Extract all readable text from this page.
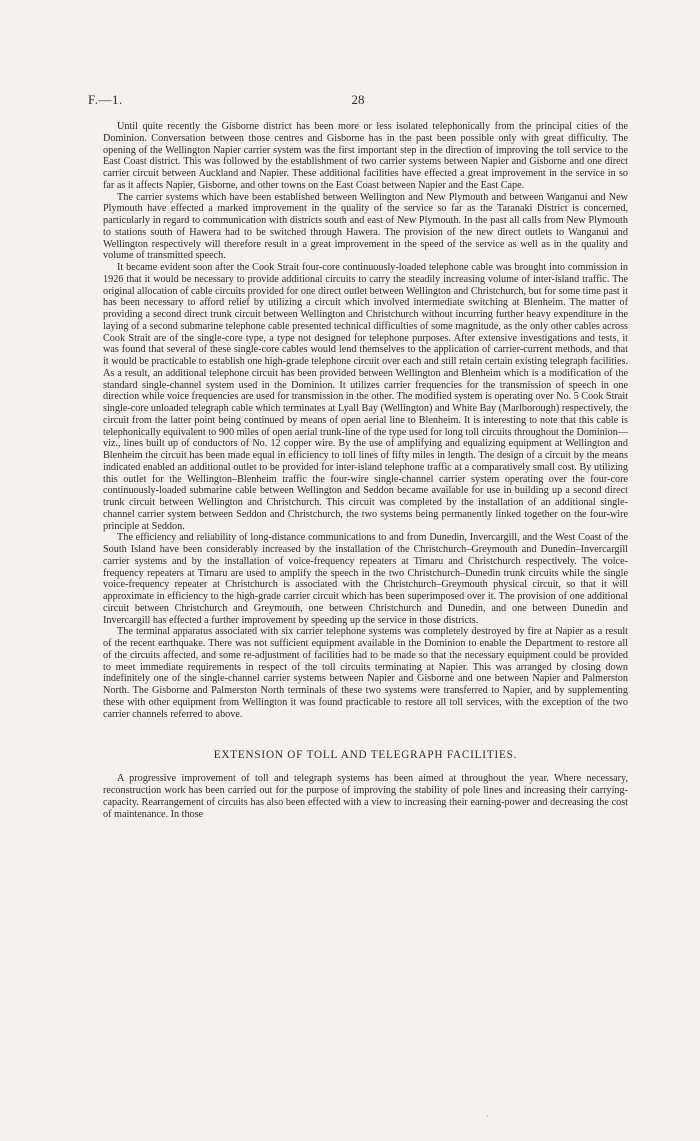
F.—1.	28

Until quite recently the Gisborne district has been more or less isolated telephonically from the principal cities of the Dominion. Conversation between those centres and Gisborne has in the past been possible only with great difficulty. The opening of the Wellington Napier carrier system was the first important step in the direction of improving the toll service to the East Coast district. This was followed by the establishment of two carrier systems between Napier and Gisborne and one direct carrier circuit between Auckland and Napier. These additional facilities have effected a great improvement in the service in so far as it affects Napier, Gisborne, and other towns on the East Coast between Napier and the East Cape.

The carrier systems which have been established between Wellington and New Plymouth and between Wanganui and New Plymouth have effected a marked improvement in the quality of the service so far as the Taranaki District is concerned, particularly in regard to communication with districts south and east of New Plymouth. In the past all calls from New Plymouth to stations south of Hawera had to be switched through Hawera. The provision of the new direct outlets to Wanganui and Wellington respectively will therefore result in a great improvement in the speed of the service as well as in the quality and volume of transmitted speech.

It became evident soon after the Cook Strait four-core continuously-loaded telephone cable was brought into commission in 1926 that it would be necessary to provide additional circuits to carry the steadily increasing volume of inter-island traffic. The original allocation of cable circuits provided for one direct outlet between Wellington and Christchurch, but for some time past it has been necessary to afford relief by utilizing a circuit which involved intermediate switching at Blenheim. The matter of providing a second direct trunk circuit between Wellington and Christchurch without incurring further heavy expenditure in the laying of a second submarine telephone cable presented technical difficulties of some magnitude, as the only other cables across Cook Strait are of the single-core type, a type not designed for telephone purposes. After extensive investigations and tests, it was found that several of these single-core cables would lend themselves to the application of carrier-current methods, and that it would be practicable to establish one high-grade telephone circuit over each and still retain certain existing telegraph facilities. As a result, an additional telephone circuit has been provided between Wellington and Blenheim which is a modification of the standard single-channel system used in the Dominion. It utilizes carrier frequencies for the transmission of speech in one direction while voice frequencies are used for transmission in the other. The modified system is operating over No. 5 Cook Strait single-core unloaded telegraph cable which terminates at Lyall Bay (Wellington) and White Bay (Marlborough) respectively, the circuit from the latter point being continued by means of open aerial line to Blenheim. It is interesting to note that this cable is telephonically equivalent to 900 miles of open aerial trunk-line of the type used for long toll circuits throughout the Dominion—viz., lines built up of conductors of No. 12 copper wire. By the use of amplifying and equalizing equipment at Wellington and Blenheim the circuit has been made equal in efficiency to toll lines of fifty miles in length. The design of a circuit by the means indicated enabled an additional outlet to be provided for inter-island telephone traffic at a comparatively small cost. By utilizing this outlet for the Wellington–Blenheim traffic the four-wire single-channel carrier system operating over the four-core continuously-loaded submarine cable between Wellington and Seddon became available for use in building up a second direct trunk circuit between Wellington and Christchurch. This circuit was completed by the installation of an additional single-channel carrier system between Seddon and Christchurch, the two systems being permanently linked together on the four-wire principle at Seddon.

The efficiency and reliability of long-distance communications to and from Dunedin, Invercargill, and the West Coast of the South Island have been considerably increased by the installation of the Christchurch–Greymouth and Dunedin–Invercargill carrier systems and by the installation of voice-frequency repeaters at Timaru and Christchurch respectively. The voice-frequency repeaters at Timaru are used to amplify the speech in the two Christchurch–Dunedin trunk circuits while the single voice-frequency repeater at Christchurch is associated with the Christchurch–Greymouth physical circuit, so that it will approximate in efficiency to the high-grade carrier circuit which has been superimposed over it. The provision of one additional circuit between Christchurch and Greymouth, one between Christchurch and Dunedin, and one between Dunedin and Invercargill has effected a further improvement by speeding up the service in those districts.

The terminal apparatus associated with six carrier telephone systems was completely destroyed by fire at Napier as a result of the recent earthquake. There was not sufficient equipment available in the Dominion to enable the Department to restore all of the circuits affected, and some re-adjustment of facilities had to be made so that the necessary equipment could be provided to meet immediate requirements in respect of the toll circuits terminating at Napier. This was arranged by closing down indefinitely one of the single-channel carrier systems between Napier and Gisborne and one between Napier and Palmerston North. The Gisborne and Palmerston North terminals of these two systems were transferred to Napier, and by supplementing these with other equipment from Wellington it was found practicable to restore all toll services, with the exception of the two carrier channels referred to above.

EXTENSION OF TOLL AND TELEGRAPH FACILITIES.

A progressive improvement of toll and telegraph systems has been aimed at throughout the year. Where necessary, reconstruction work has been carried out for the purpose of improving the stability of pole lines and increasing their carrying-capacity. Rearrangement of circuits has also been effected with a view to increasing their earning-power and decreasing the cost of maintenance. In those

·
